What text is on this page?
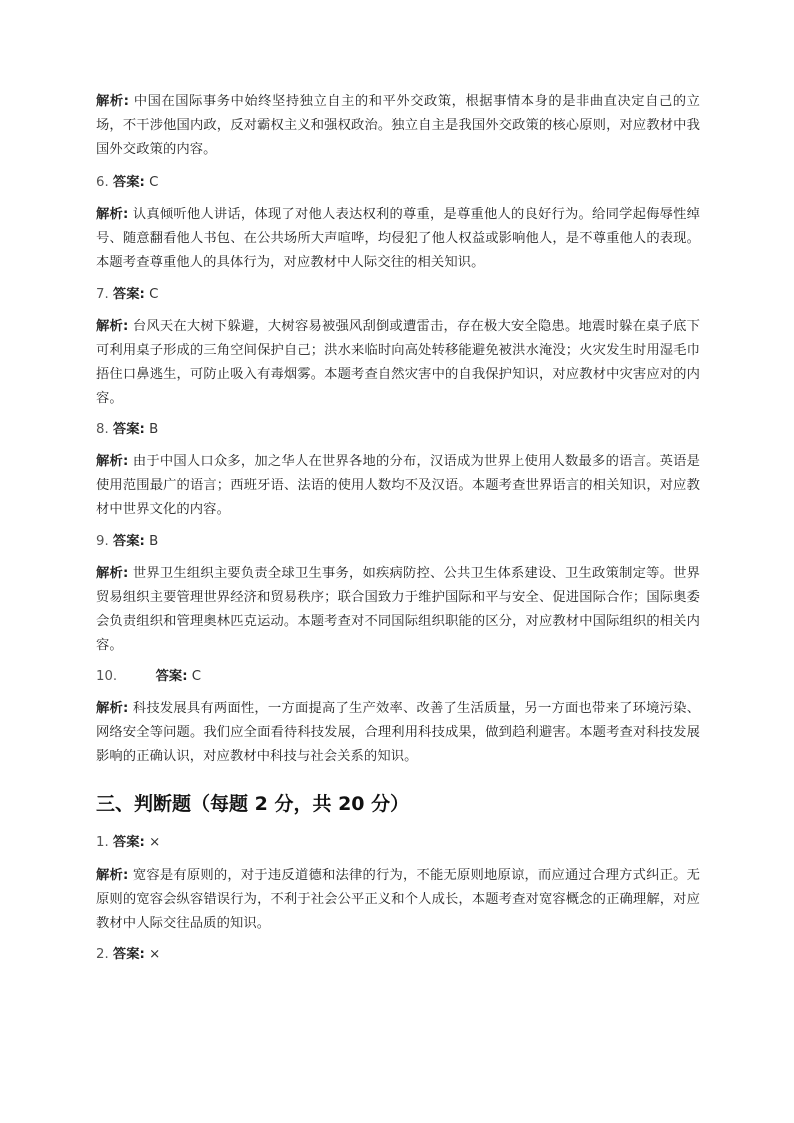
解析: 中国在国际事务中始终坚持独立自主的和平外交政策，根据事情本身的是非曲直决定自己的立场，不干涉他国内政，反对霸权主义和强权政治。独立自主是我国外交政策的核心原则，对应教材中我国外交政策的内容。

6. 答案: C

解析: 认真倾听他人讲话，体现了对他人表达权利的尊重，是尊重他人的良好行为。给同学起侮辱性绰号、随意翻看他人书包、在公共场所大声喧哗，均侵犯了他人权益或影响他人，是不尊重他人的表现。本题考查尊重他人的具体行为，对应教材中人际交往的相关知识。

7. 答案: C

解析: 台风天在大树下躲避，大树容易被强风刮倒或遭雷击，存在极大安全隐患。地震时躲在桌子底下可利用桌子形成的三角空间保护自己；洪水来临时向高处转移能避免被洪水淹没；火灾发生时用湿毛巾捂住口鼻逃生，可防止吸入有毒烟雾。本题考查自然灾害中的自我保护知识，对应教材中灾害应对的内容。

8. 答案: B

解析: 由于中国人口众多，加之华人在世界各地的分布，汉语成为世界上使用人数最多的语言。英语是使用范围最广的语言；西班牙语、法语的使用人数均不及汉语。本题考查世界语言的相关知识，对应教材中世界文化的内容。

9. 答案: B

解析: 世界卫生组织主要负责全球卫生事务，如疾病防控、公共卫生体系建设、卫生政策制定等。世界贸易组织主要管理世界经济和贸易秩序；联合国致力于维护国际和平与安全、促进国际合作；国际奥委会负责组织和管理奥林匹克运动。本题考查对不同国际组织职能的区分，对应教材中国际组织的相关内容。

10.	答案: C

解析: 科技发展具有两面性，一方面提高了生产效率、改善了生活质量，另一方面也带来了环境污染、网络安全等问题。我们应全面看待科技发展，合理利用科技成果，做到趋利避害。本题考查对科技发展影响的正确认识，对应教材中科技与社会关系的知识。

三、判断题（每题 2 分，共 20 分）

1. 答案: ×

解析: 宽容是有原则的，对于违反道德和法律的行为，不能无原则地原谅，而应通过合理方式纠正。无原则的宽容会纵容错误行为，不利于社会公平正义和个人成长，本题考查对宽容概念的正确理解，对应教材中人际交往品质的知识。

2. 答案: ×
